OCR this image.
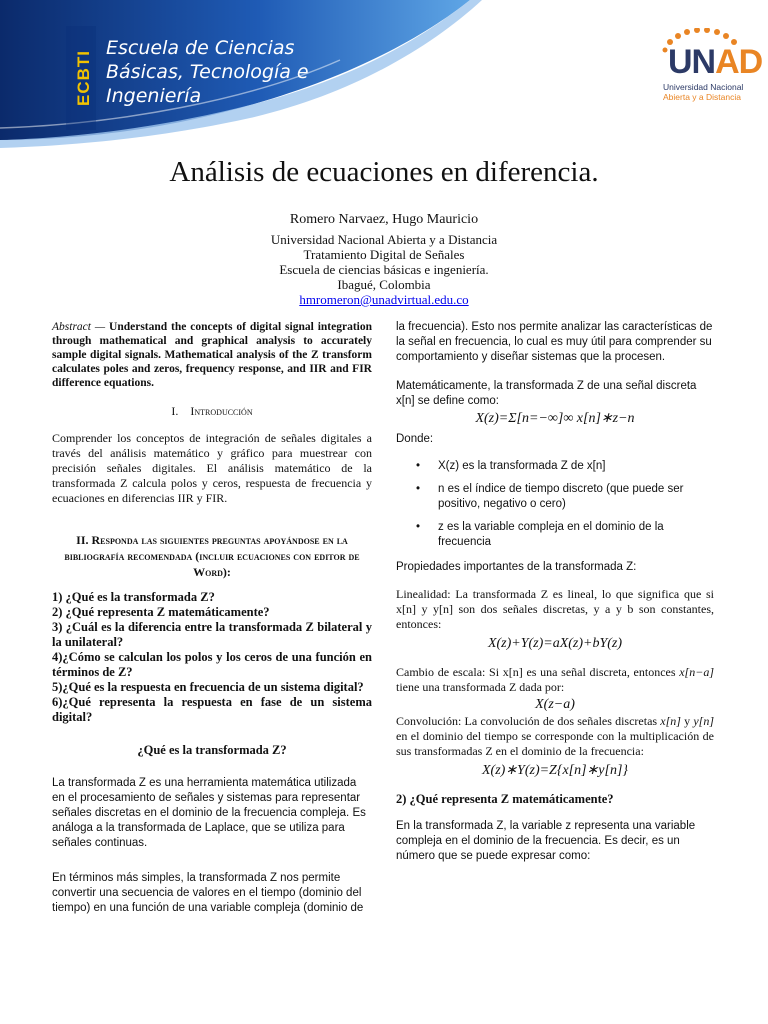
ECBTI
Escuela de Ciencias
Básicas, Tecnología e
Ingeniería
UNAD
Universidad Nacional
Abierta y a Distancia
Análisis de ecuaciones en diferencia.
Romero Narvaez, Hugo Mauricio
Universidad Nacional Abierta y a Distancia
Tratamiento Digital de Señales
Escuela de ciencias básicas e ingeniería.
Ibagué, Colombia
hmromeron@unadvirtual.edu.co

Abstract — Understand the concepts of digital signal integration through mathematical and graphical analysis to accurately sample digital signals. Mathematical analysis of the Z transform calculates poles and zeros, frequency response, and IIR and FIR difference equations.

I. Introducción

Comprender los conceptos de integración de señales digitales a través del análisis matemático y gráfico para muestrear con precisión señales digitales. El análisis matemático de la transformada Z calcula polos y ceros, respuesta de frecuencia y ecuaciones en diferencias IIR y FIR.

II. Responda las siguientes preguntas apoyándose en la bibliografía recomendada (incluir ecuaciones con editor de Word):
1) ¿Qué es la transformada Z?
2) ¿Qué representa Z matemáticamente?
3) ¿Cuál es la diferencia entre la transformada Z bilateral y la unilateral?
4)¿Cómo se calculan los polos y los ceros de una función en términos de Z?
5)¿Qué es la respuesta en frecuencia de un sistema digital?
6)¿Qué representa la respuesta en fase de un sistema digital?
¿Qué es la transformada Z?

La transformada Z es una herramienta matemática utilizada en el procesamiento de señales y sistemas para representar señales discretas en el dominio de la frecuencia compleja. Es análoga a la transformada de Laplace, que se utiliza para señales continuas.

En términos más simples, la transformada Z nos permite convertir una secuencia de valores en el tiempo (dominio del tiempo) en una función de una variable compleja (dominio de

la frecuencia). Esto nos permite analizar las características de la señal en frecuencia, lo cual es muy útil para comprender su comportamiento y diseñar sistemas que la procesen.

Matemáticamente, la transformada Z de una señal discreta x[n] se define como:

X(z)=Σ[n=−∞]∞ x[n]∗z−n
Donde:
• X(z) es la transformada Z de x[n]
• n es el índice de tiempo discreto (que puede ser positivo, negativo o cero)
• z es la variable compleja en el dominio de la frecuencia

Propiedades importantes de la transformada Z:

Linealidad: La transformada Z es lineal, lo que significa que si x[n] y y[n] son dos señales discretas, y a y b son constantes, entonces:

X(z)+Y(z)=aX(z)+bY(z)

Cambio de escala: Si x[n] es una señal discreta, entonces x[n−a] tiene una transformada Z dada por:

X(z−a)

Convolución: La convolución de dos señales discretas x[n] y y[n] en el dominio del tiempo se corresponde con la multiplicación de sus transformadas Z en el dominio de la frecuencia:

X(z)∗Y(z)=Z{x[n]∗y[n]}
2) ¿Qué representa Z matemáticamente?

En la transformada Z, la variable z representa una variable compleja en el dominio de la frecuencia. Es decir, es un número que se puede expresar como:
